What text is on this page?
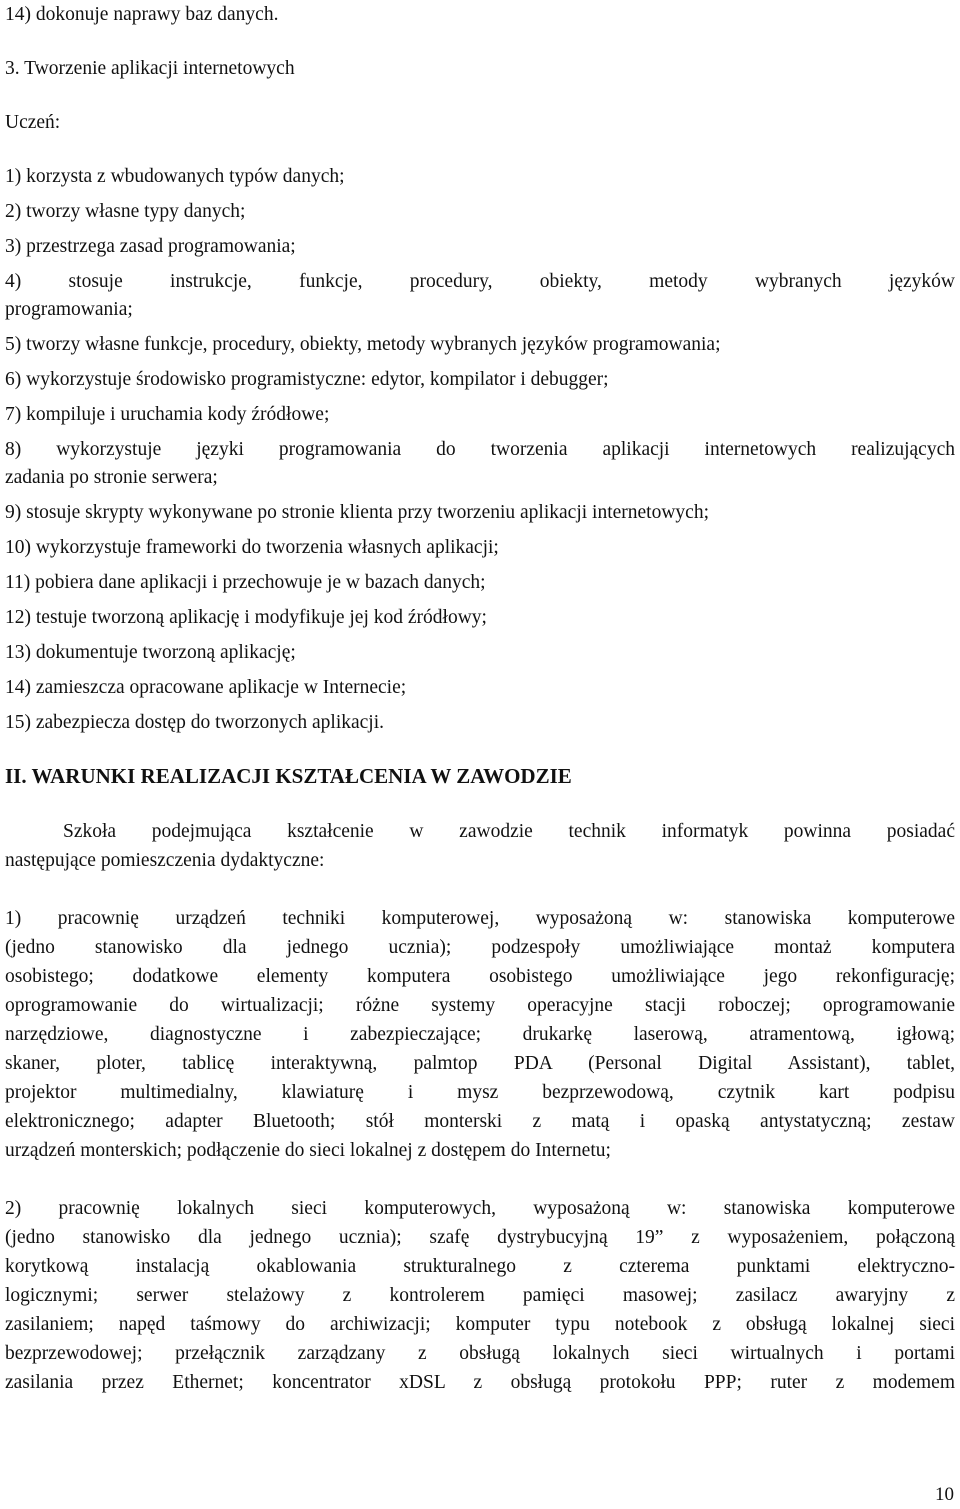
14) dokonuje naprawy baz danych.
3. Tworzenie aplikacji internetowych
Uczeń:
1) korzysta z wbudowanych typów danych;
2) tworzy własne typy danych;
3) przestrzega zasad programowania;
4) stosuje instrukcje, funkcje, procedury, obiekty, metody wybranych języków
programowania;
5) tworzy własne funkcje, procedury, obiekty, metody wybranych języków programowania;
6) wykorzystuje środowisko programistyczne: edytor, kompilator i debugger;
7) kompiluje i uruchamia kody źródłowe;
8) wykorzystuje języki programowania do tworzenia aplikacji internetowych realizujących
zadania po stronie serwera;
9) stosuje skrypty wykonywane po stronie klienta przy tworzeniu aplikacji internetowych;
10) wykorzystuje frameworki do tworzenia własnych aplikacji;
11) pobiera dane aplikacji i przechowuje je w bazach danych;
12) testuje tworzoną aplikację i modyfikuje jej kod źródłowy;
13) dokumentuje tworzoną aplikację;
14) zamieszcza opracowane aplikacje w Internecie;
15) zabezpiecza dostęp do tworzonych aplikacji.
II. WARUNKI REALIZACJI KSZTAŁCENIA W ZAWODZIE
Szkoła podejmująca kształcenie w zawodzie technik informatyk powinna posiadać
następujące pomieszczenia dydaktyczne:
1) pracownię urządzeń techniki komputerowej, wyposażoną w: stanowiska komputerowe
(jedno stanowisko dla jednego ucznia); podzespoły umożliwiające montaż komputera
osobistego; dodatkowe elementy komputera osobistego umożliwiające jego rekonfigurację;
oprogramowanie do wirtualizacji; różne systemy operacyjne stacji roboczej; oprogramowanie
narzędziowe, diagnostyczne i zabezpieczające; drukarkę laserową, atramentową, igłową;
skaner, ploter, tablicę interaktywną, palmtop PDA (Personal Digital Assistant), tablet,
projektor multimedialny, klawiaturę i mysz bezprzewodową, czytnik kart podpisu
elektronicznego; adapter Bluetooth; stół monterski z matą i opaską antystatyczną; zestaw
urządzeń monterskich; podłączenie do sieci lokalnej z dostępem do Internetu;
2) pracownię lokalnych sieci komputerowych, wyposażoną w: stanowiska komputerowe
(jedno stanowisko dla jednego ucznia); szafę dystrybucyjną 19” z wyposażeniem, połączoną
korytkową instalacją okablowania strukturalnego z czterema punktami elektryczno-
logicznymi; serwer stelażowy z kontrolerem pamięci masowej; zasilacz awaryjny z
zasilaniem; napęd taśmowy do archiwizacji; komputer typu notebook z obsługą lokalnej sieci
bezprzewodowej; przełącznik zarządzany z obsługą lokalnych sieci wirtualnych i portami
zasilania przez Ethernet; koncentrator xDSL z obsługą protokołu PPP; ruter z modemem
10
